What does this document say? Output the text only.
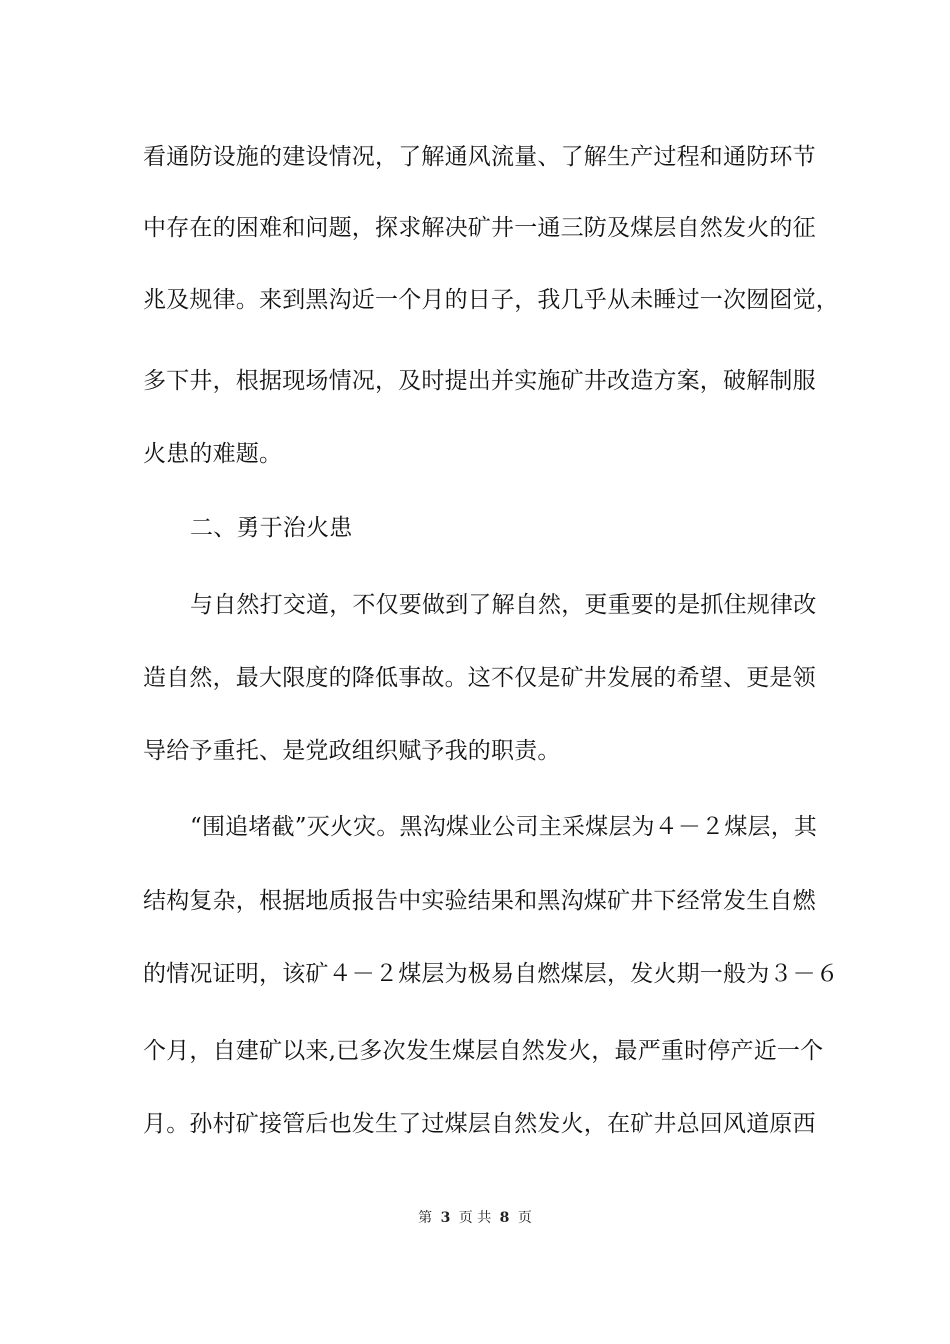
看通防设施的建设情况，了解通风流量、了解生产过程和通防环节

中存在的困难和问题，探求解决矿井一通三防及煤层自然发火的征

兆及规律。来到黑沟近一个月的日子，我几乎从未睡过一次囫囵觉，

多下井，根据现场情况，及时提出并实施矿井改造方案，破解制服

火患的难题。

二、勇于治火患

与自然打交道，不仅要做到了解自然，更重要的是抓住规律改

造自然，最大限度的降低事故。这不仅是矿井发展的希望、更是领

导给予重托、是党政组织赋予我的职责。

“围追堵截”灭火灾。黑沟煤业公司主采煤层为４－２煤层，其

结构复杂，根据地质报告中实验结果和黑沟煤矿井下经常发生自燃

的情况证明，该矿４－２煤层为极易自燃煤层，发火期一般为３－６

个月，自建矿以来,已多次发生煤层自然发火，最严重时停产近一个

月。孙村矿接管后也发生了过煤层自然发火，在矿井总回风道原西

第 3 页 共 8 页
